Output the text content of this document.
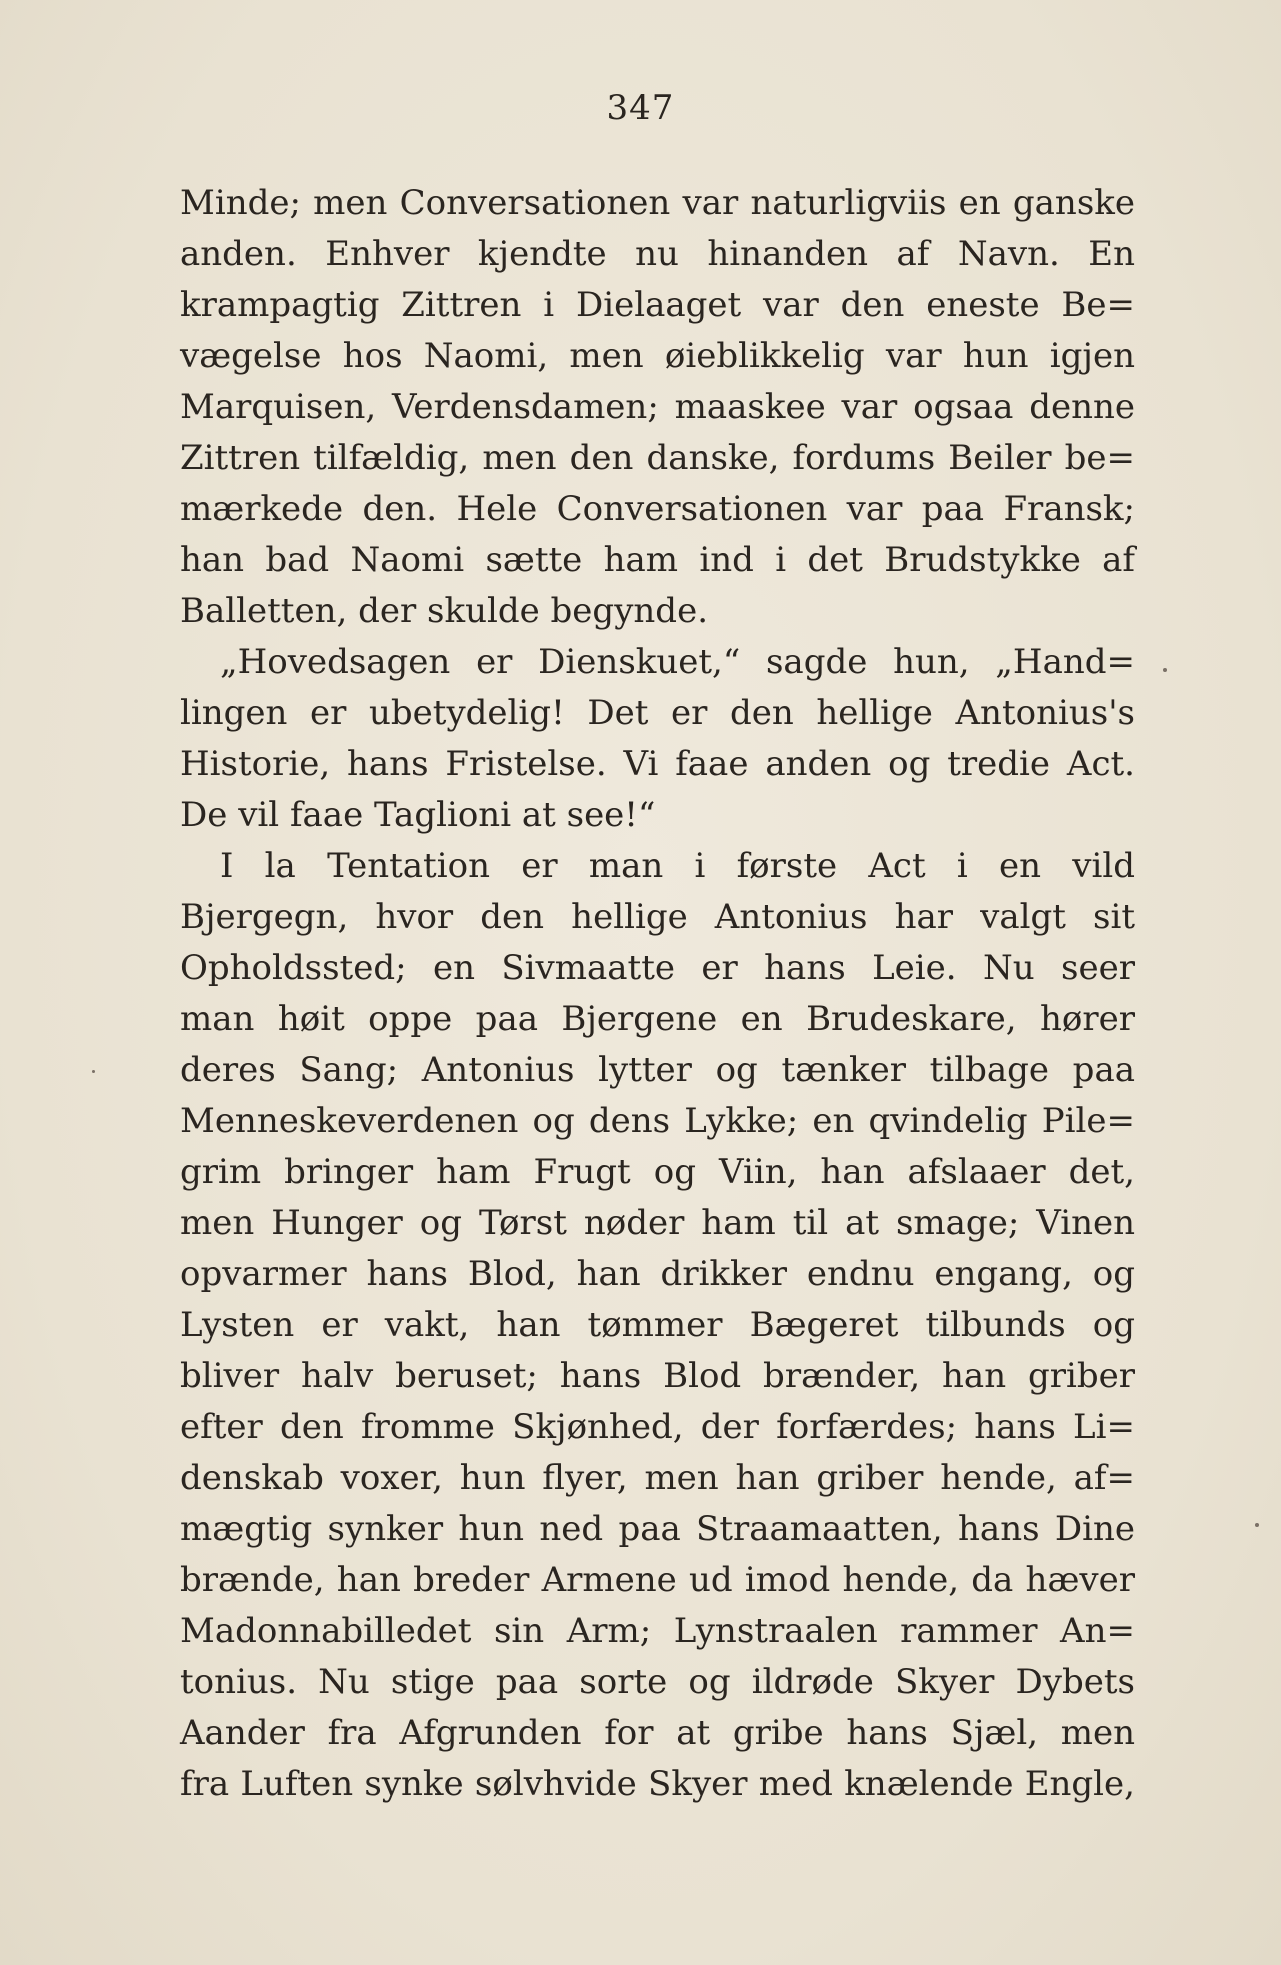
347
Minde; men Conversationen var naturligviis en ganske
anden. Enhver kjendte nu hinanden af Navn. En
krampagtig Zittren i Dielaaget var den eneste Be=
vægelse hos Naomi, men øieblikkelig var hun igjen
Marquisen, Verdensdamen; maaskee var ogsaa denne
Zittren tilfældig, men den danske, fordums Beiler be=
mærkede den. Hele Conversationen var paa Fransk;
han bad Naomi sætte ham ind i det Brudstykke af
Balletten, der skulde begynde.
„Hovedsagen er Dienskuet,“ sagde hun, „Hand=
lingen er ubetydelig! Det er den hellige Antonius's
Historie, hans Fristelse. Vi faae anden og tredie Act.
De vil faae Taglioni at see!“
I la Tentation er man i første Act i en vild
Bjergegn, hvor den hellige Antonius har valgt sit
Opholdssted; en Sivmaatte er hans Leie. Nu seer
man høit oppe paa Bjergene en Brudeskare, hører
deres Sang; Antonius lytter og tænker tilbage paa
Menneskeverdenen og dens Lykke; en qvindelig Pile=
grim bringer ham Frugt og Viin, han afslaaer det,
men Hunger og Tørst nøder ham til at smage; Vinen
opvarmer hans Blod, han drikker endnu engang, og
Lysten er vakt, han tømmer Bægeret tilbunds og
bliver halv beruset; hans Blod brænder, han griber
efter den fromme Skjønhed, der forfærdes; hans Li=
denskab voxer, hun flyer, men han griber hende, af=
mægtig synker hun ned paa Straamaatten, hans Dine
brænde, han breder Armene ud imod hende, da hæver
Madonnabilledet sin Arm; Lynstraalen rammer An=
tonius. Nu stige paa sorte og ildrøde Skyer Dybets
Aander fra Afgrunden for at gribe hans Sjæl, men
fra Luften synke sølvhvide Skyer med knælende Engle,
